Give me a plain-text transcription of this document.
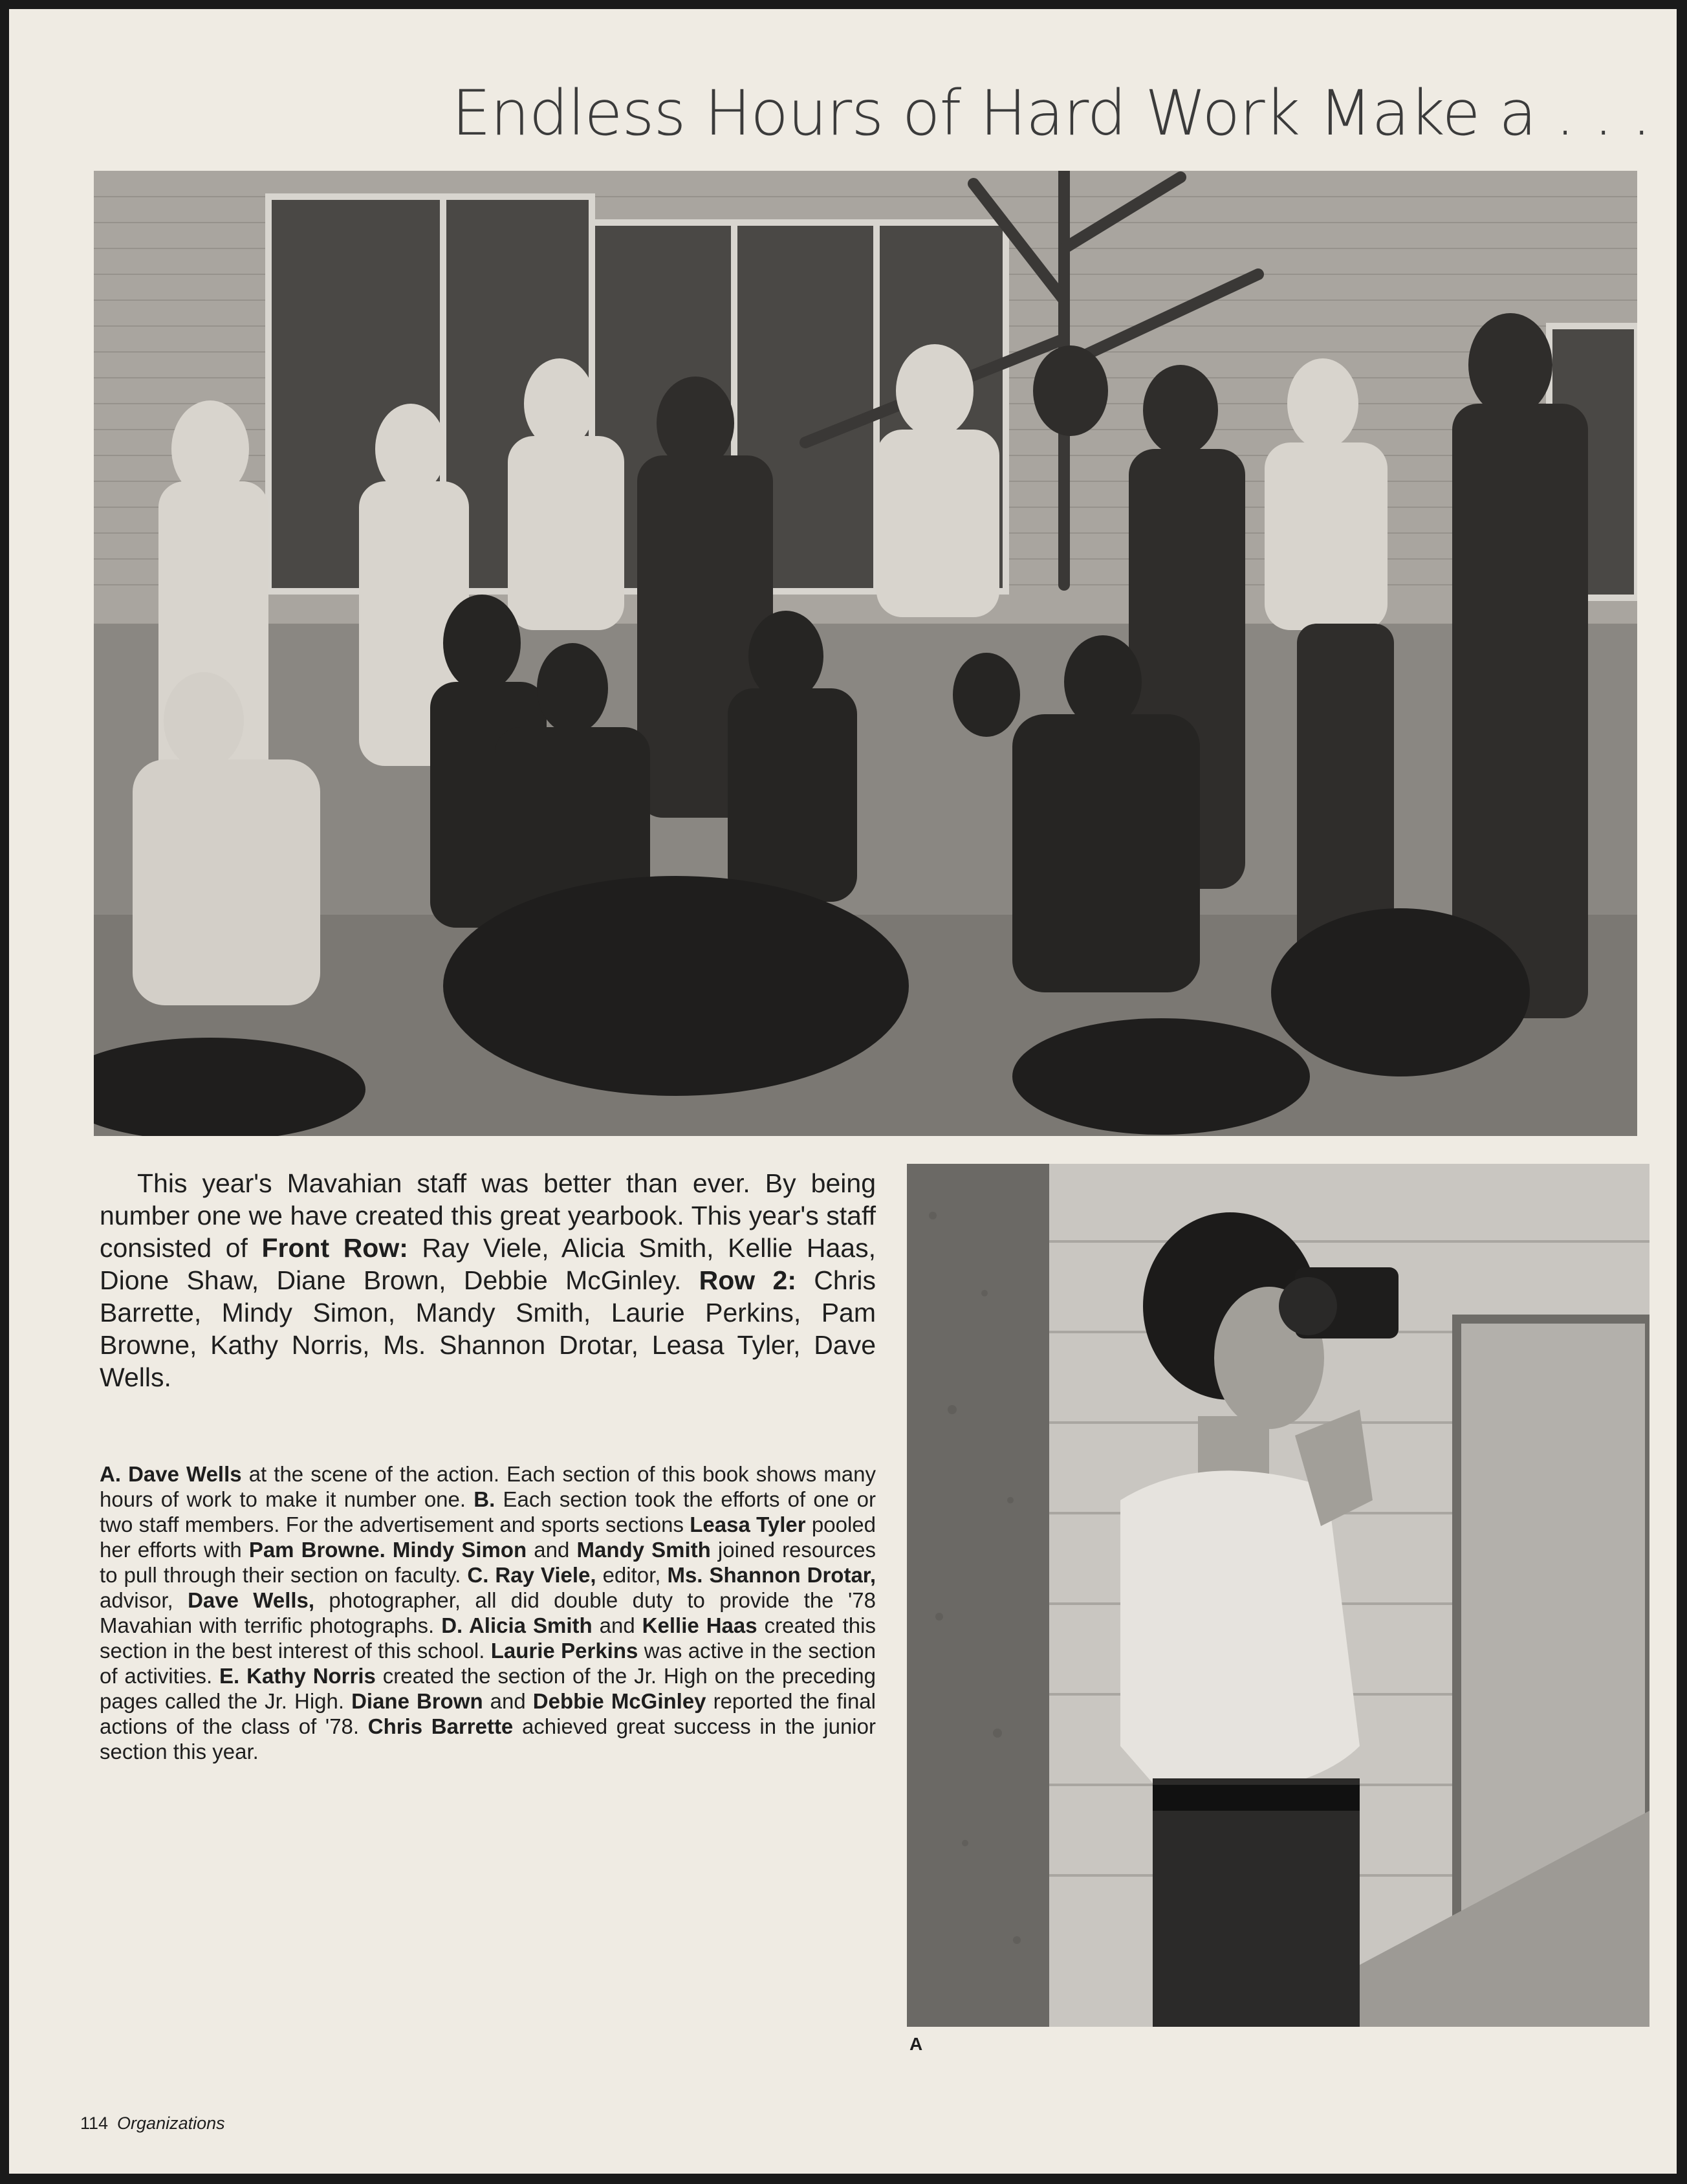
Endless Hours of Hard Work Make a . . .
This year's Mavahian staff was better than ever. By being number one we have created this great yearbook. This year's staff consisted of Front Row: Ray Viele, Alicia Smith, Kellie Haas, Dione Shaw, Diane Brown, Debbie McGinley. Row 2: Chris Barrette, Mindy Simon, Mandy Smith, Laurie Perkins, Pam Browne, Kathy Norris, Ms. Shannon Drotar, Leasa Tyler, Dave Wells.
A. Dave Wells at the scene of the action. Each section of this book shows many hours of work to make it number one. B. Each section took the efforts of one or two staff members. For the advertisement and sports sections Leasa Tyler pooled her efforts with Pam Browne. Mindy Simon and Mandy Smith joined resources to pull through their section on faculty. C. Ray Viele, editor, Ms. Shannon Drotar, advisor, Dave Wells, photographer, all did double duty to provide the '78 Mavahian with terrific photographs. D. Alicia Smith and Kellie Haas created this section in the best interest of this school. Laurie Perkins was active in the section of activities. E. Kathy Norris created the section of the Jr. High on the preceding pages called the Jr. High. Diane Brown and Debbie McGinley reported the final actions of the class of '78. Chris Barrette achieved great success in the junior section this year.
A
114 Organizations
